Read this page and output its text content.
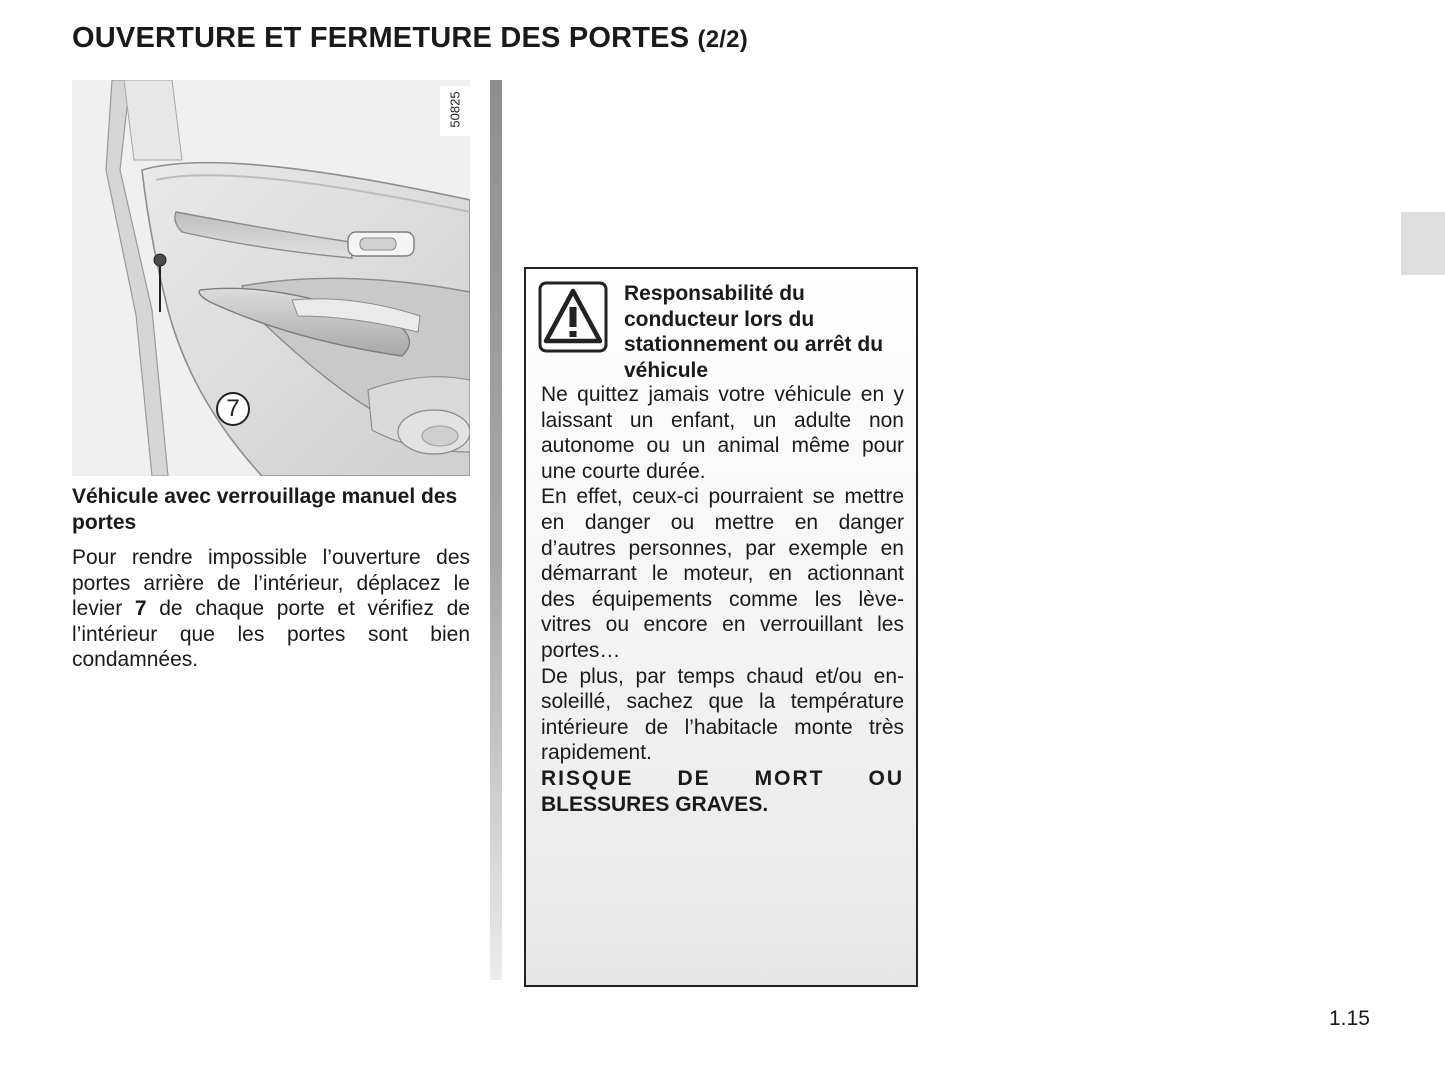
OUVERTURE ET FERMETURE DES PORTES (2/2)
7
50825
Véhicule avec verrouillage manuel des portes
Pour rendre impossible l’ouverture des portes arrière de l’intérieur, déplacez le levier 7 de chaque porte et vérifiez de l’intérieur que les portes sont bien condamnées.
Responsabilité du conducteur lors du stationnement ou arrêt du véhicule

Ne quittez jamais votre véhicule en y laissant un enfant, un adulte non autonome ou un animal même pour une courte durée.

En effet, ceux-ci pourraient se mettre en danger ou mettre en danger d’autres personnes, par exemple en démarrant le moteur, en actionnant des équipements comme les lève-vitres ou encore en verrouillant les portes…

De plus, par temps chaud et/ou ensoleillé, sachez que la température intérieure de l’habitacle monte très rapidement.

RISQUE DE MORT OU
BLESSURES GRAVES.

1.15
